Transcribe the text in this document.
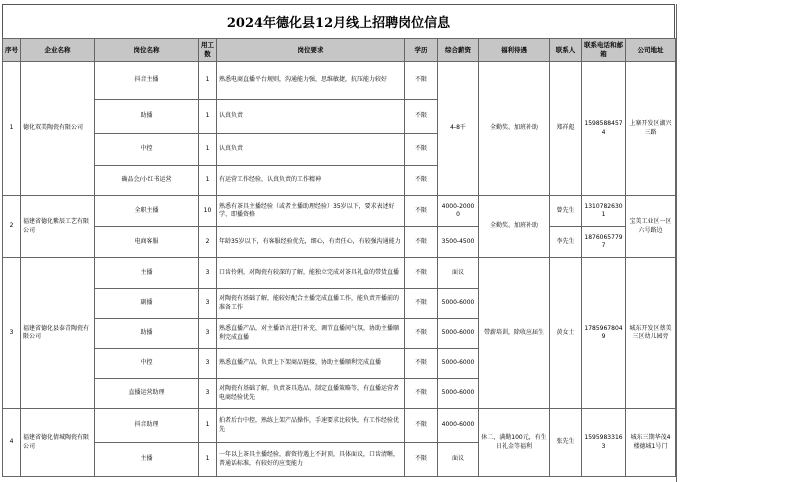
2024年德化县12月线上招聘岗位信息
序号	企业名称	岗位名称	用工数	岗位要求	学历	综合薪资	福利待遇	联系人	联系电话和邮箱	公司地址
1	德化双美陶瓷有限公司	抖音主播	1	熟悉电商直播平台规则，沟通能力强，思维敏捷，抗压能力较好	不限	4-8千	全勤奖、加班补助	郑祥彪	15985884574	上寨开发区湖兴三路
		助播	1	认真负责	不限					
		中控	1	认真负责	不限					
		确品会/小红书运营	1	有运营工作经验，认真负责的工作精神	不限					
2	福建省德化紫辰工艺有限公司	全职主播	10	熟悉有茶具主播经验（或者主播助理经验）35岁以下，要求表述好学、即播资格	不限	4000-20000	全勤奖、加班补助	曾先生	13107826301	宝美工业区一区六号路边
		电商客服	2	年龄35岁以下，有客服经验优先，细心，有责任心，有较强沟通能力	不限	3500-4500		李先生	18760657797	
3	福建省德化县泰青陶瓷有限公司	主播	3	口齿伶俐，对陶瓷有较深的了解，能独立完成对茶具礼盒的带货直播	不限	面议	带薪培训，除收应届生	黄女士	17859678049	城东开发区蔡美三区幼儿园旁
		副播	3	对陶瓷有基础了解，能较好配合主播完成直播工作，能负责开播前的准备工作	不限	5000-6000				
		助播	3	熟悉直播产品，对主播语言进行补充，调节直播间气氛，协助主播顺利完成直播	不限	5000-6000				
		中控	3	熟悉直播产品，负责上下架商品链接，协助主播顺利完成直播	不限	5000-6000				
		直播运营助理	3	对陶瓷有基础了解，负责茶具选品、制定直播策略等，有直播运营者电商经验优先	不限	5000-6000				
4	福建省德化倩城陶瓷有限公司	抖音助理	1	拍者后台中控，熟练上架产品操作，手速要求比较快，有工作经验优先	不限	4000-6000	休二，满勤100元，有生日礼金等福利	张先生	15959833163	城东三期华茂4楼德城1号门
		主播	1	一年以上茶具主播经验，薪资待遇上不封顶，具体面议，口齿清晰，普通话标准，有较好的应变能力	不限	面议				
